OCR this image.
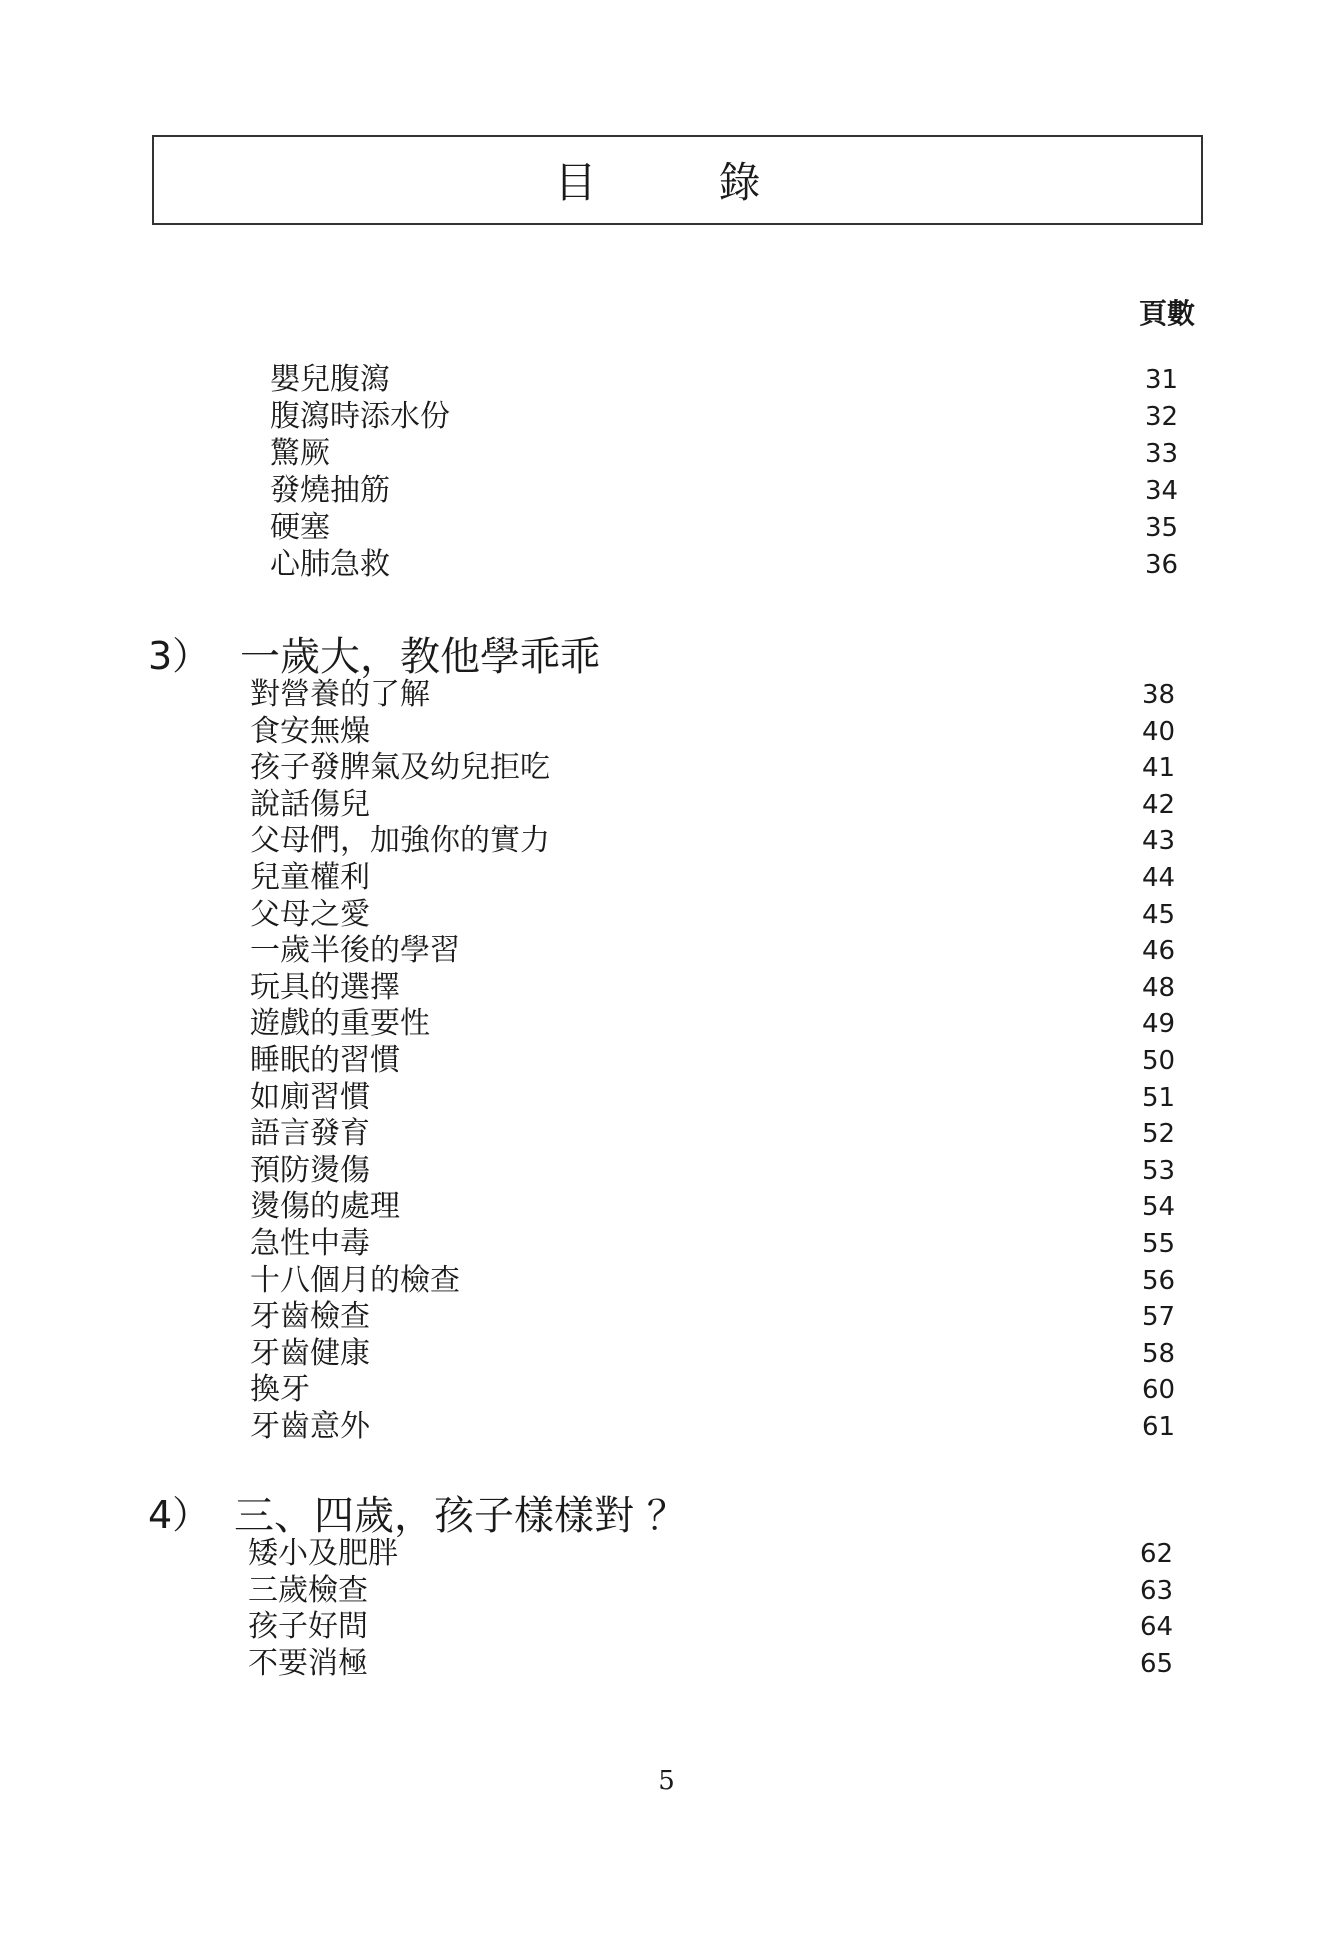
目　錄
頁數
嬰兒腹瀉	31
腹瀉時添水份	32
驚厥	33
發燒抽筋	34
硬塞	35
心肺急救	36
3） 一歲大，教他學乖乖
對營養的了解	38
食安無燥	40
孩子發脾氣及幼兒拒吃	41
說話傷兒	42
父母們，加強你的實力	43
兒童權利	44
父母之愛	45
一歲半後的學習	46
玩具的選擇	48
遊戲的重要性	49
睡眠的習慣	50
如廁習慣	51
語言發育	52
預防燙傷	53
燙傷的處理	54
急性中毒	55
十八個月的檢查	56
牙齒檢查	57
牙齒健康	58
換牙	60
牙齒意外	61
4） 三、四歲，孩子樣樣對 ？
矮小及肥胖	62
三歲檢查	63
孩子好問	64
不要消極	65
5
